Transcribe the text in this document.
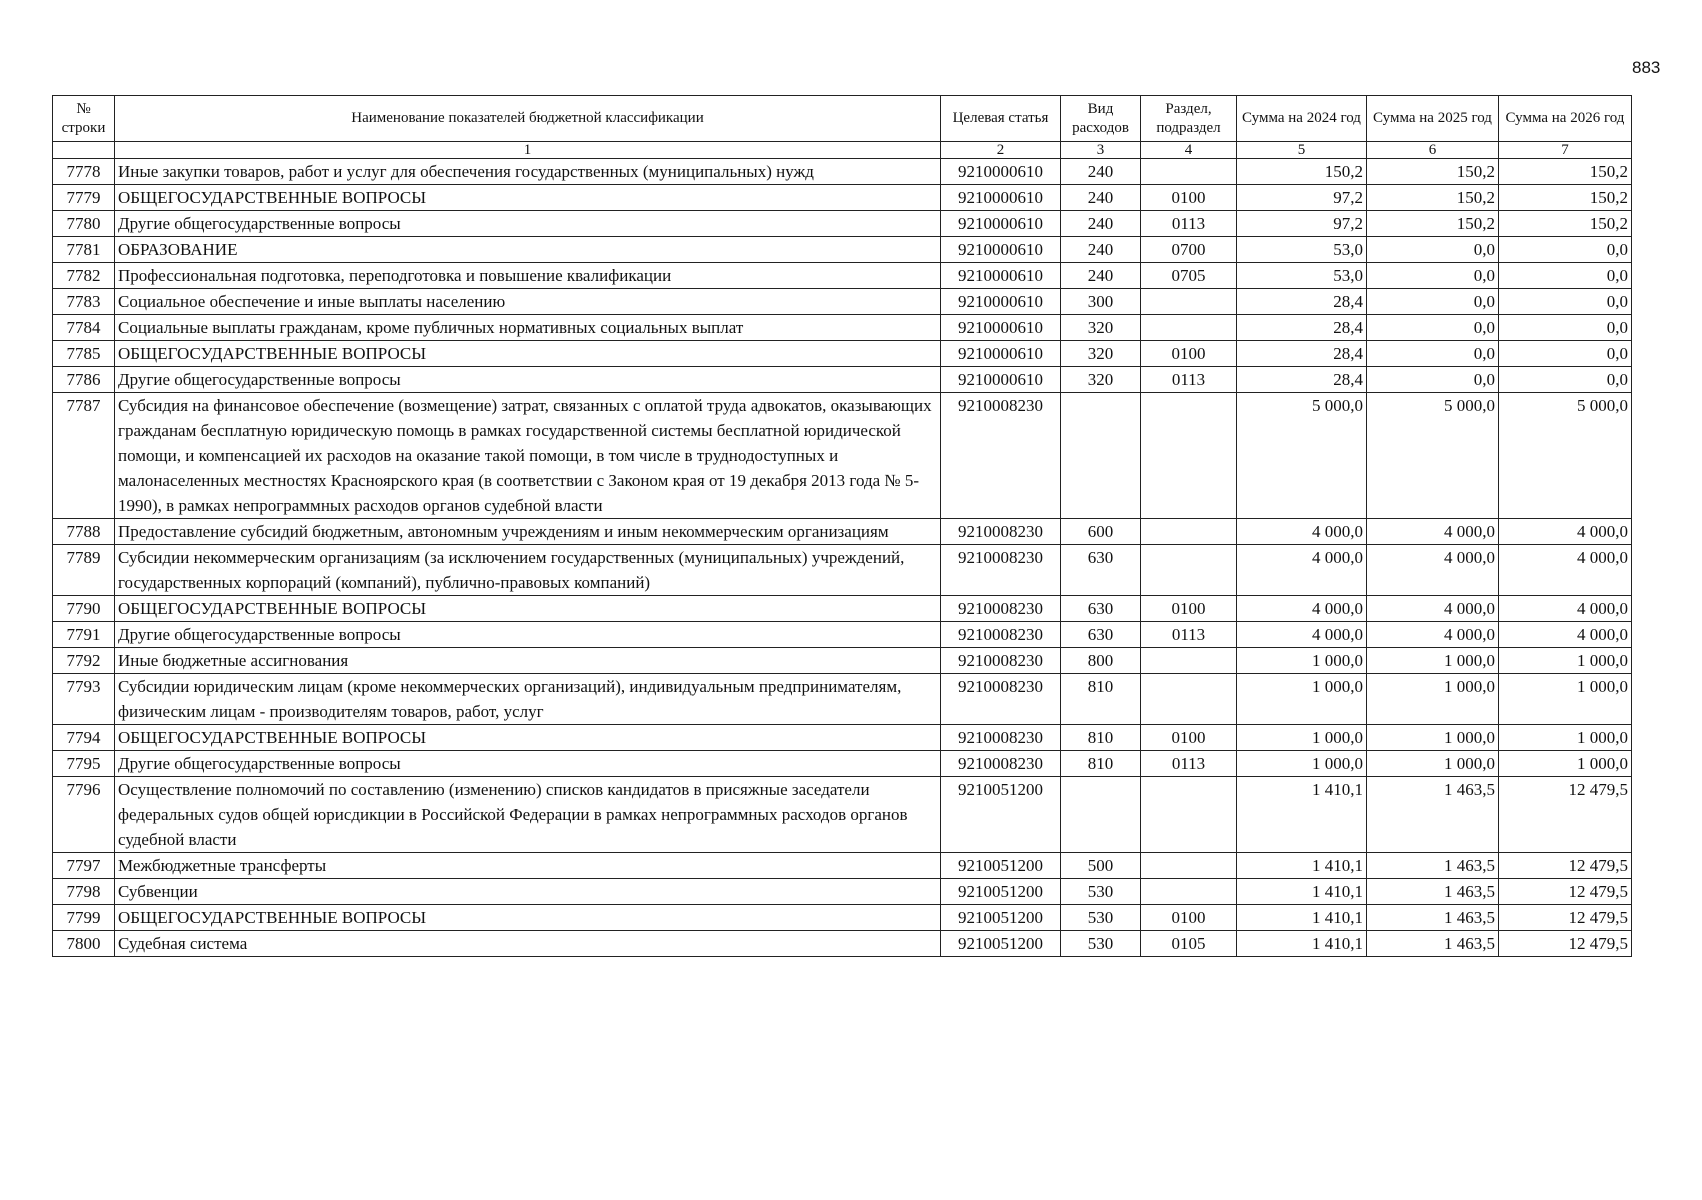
883
№ строки	Наименование показателей бюджетной классификации	Целевая статья	Вид расходов	Раздел, подраздел	Сумма на 2024 год	Сумма на 2025 год	Сумма на 2026 год
	1	2	3	4	5	6	7
7778	Иные закупки товаров, работ и услуг для обеспечения государственных (муниципальных) нужд	9210000610	240		150,2	150,2	150,2
7779	ОБЩЕГОСУДАРСТВЕННЫЕ ВОПРОСЫ	9210000610	240	0100	97,2	150,2	150,2
7780	Другие общегосударственные вопросы	9210000610	240	0113	97,2	150,2	150,2
7781	ОБРАЗОВАНИЕ	9210000610	240	0700	53,0	0,0	0,0
7782	Профессиональная подготовка, переподготовка и повышение квалификации	9210000610	240	0705	53,0	0,0	0,0
7783	Социальное обеспечение и иные выплаты населению	9210000610	300		28,4	0,0	0,0
7784	Социальные выплаты гражданам, кроме публичных нормативных социальных выплат	9210000610	320		28,4	0,0	0,0
7785	ОБЩЕГОСУДАРСТВЕННЫЕ ВОПРОСЫ	9210000610	320	0100	28,4	0,0	0,0
7786	Другие общегосударственные вопросы	9210000610	320	0113	28,4	0,0	0,0
7787	Субсидия на финансовое обеспечение (возмещение) затрат, связанных с оплатой труда адвокатов, оказывающих гражданам бесплатную юридическую помощь в рамках государственной системы бесплатной юридической помощи, и компенсацией их расходов на оказание такой помощи, в том числе в труднодоступных и малонаселенных местностях Красноярского края (в соответствии с Законом края от 19 декабря 2013 года № 5-1990), в рамках непрограммных расходов органов судебной власти	9210008230			5 000,0	5 000,0	5 000,0
7788	Предоставление субсидий бюджетным, автономным учреждениям и иным некоммерческим организациям	9210008230	600		4 000,0	4 000,0	4 000,0
7789	Субсидии некоммерческим организациям (за исключением государственных (муниципальных) учреждений, государственных корпораций (компаний), публично-правовых компаний)	9210008230	630		4 000,0	4 000,0	4 000,0
7790	ОБЩЕГОСУДАРСТВЕННЫЕ ВОПРОСЫ	9210008230	630	0100	4 000,0	4 000,0	4 000,0
7791	Другие общегосударственные вопросы	9210008230	630	0113	4 000,0	4 000,0	4 000,0
7792	Иные бюджетные ассигнования	9210008230	800		1 000,0	1 000,0	1 000,0
7793	Субсидии юридическим лицам (кроме некоммерческих организаций), индивидуальным предпринимателям, физическим лицам - производителям товаров, работ, услуг	9210008230	810		1 000,0	1 000,0	1 000,0
7794	ОБЩЕГОСУДАРСТВЕННЫЕ ВОПРОСЫ	9210008230	810	0100	1 000,0	1 000,0	1 000,0
7795	Другие общегосударственные вопросы	9210008230	810	0113	1 000,0	1 000,0	1 000,0
7796	Осуществление полномочий по составлению (изменению) списков кандидатов в присяжные заседатели федеральных судов общей юрисдикции в Российской Федерации в рамках непрограммных расходов органов судебной власти	9210051200			1 410,1	1 463,5	12 479,5
7797	Межбюджетные трансферты	9210051200	500		1 410,1	1 463,5	12 479,5
7798	Субвенции	9210051200	530		1 410,1	1 463,5	12 479,5
7799	ОБЩЕГОСУДАРСТВЕННЫЕ ВОПРОСЫ	9210051200	530	0100	1 410,1	1 463,5	12 479,5
7800	Судебная система	9210051200	530	0105	1 410,1	1 463,5	12 479,5
